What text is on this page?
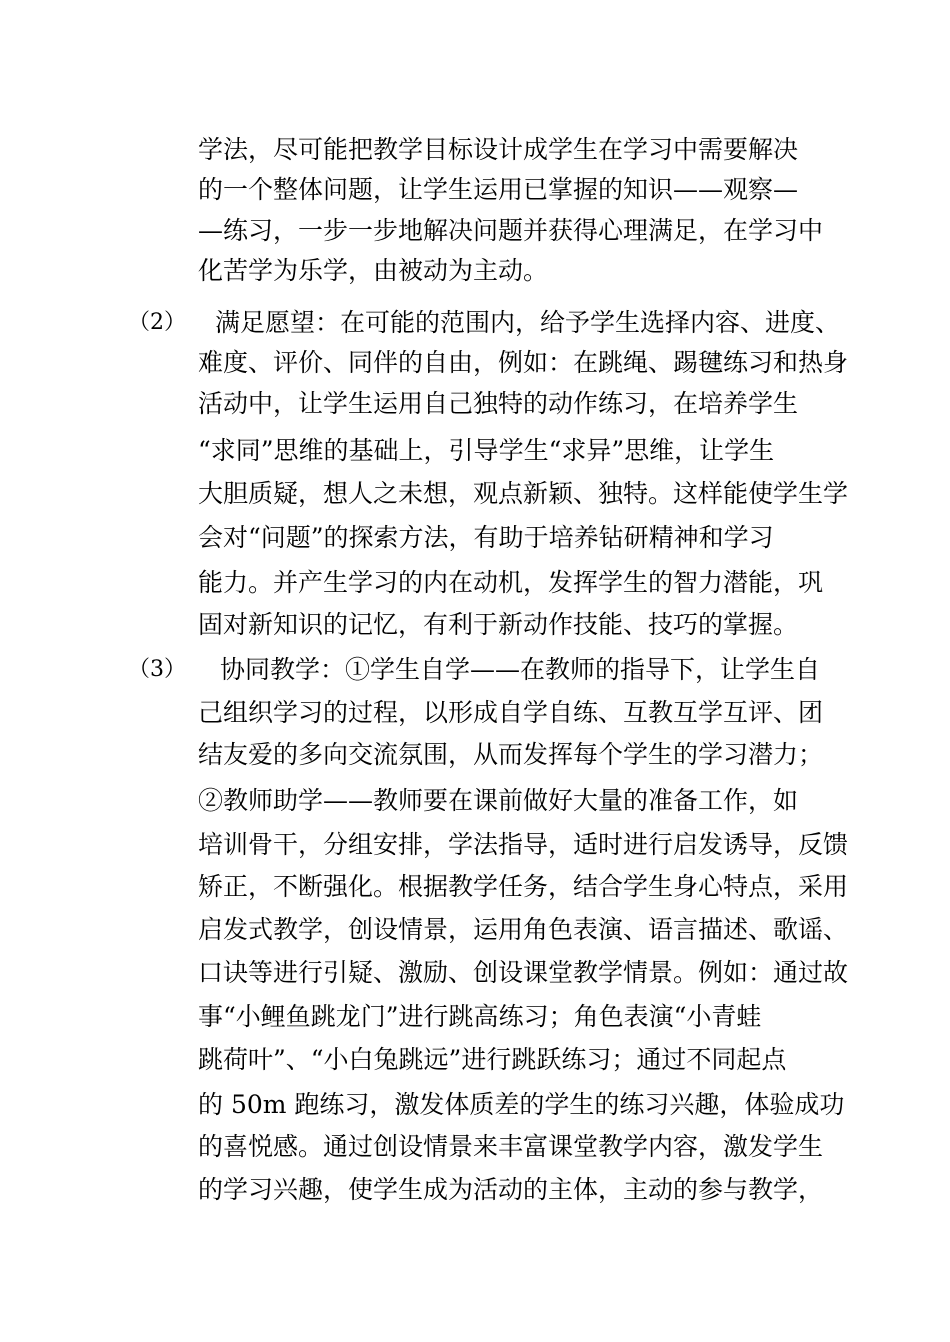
学法，尽可能把教学目标设计成学生在学习中需要解决
的一个整体问题，让学生运用已掌握的知识——观察—
—练习，一步一步地解决问题并获得心理满足，在学习中
化苦学为乐学，由被动为主动。
（2） 满足愿望：在可能的范围内，给予学生选择内容、进度、
难度、评价、同伴的自由，例如：在跳绳、踢毽练习和热身
活动中，让学生运用自己独特的动作练习，在培养学生
“求同”思维的基础上，引导学生“求异”思维，让学生
大胆质疑，想人之未想，观点新颖、独特。这样能使学生学
会对“问题”的探索方法，有助于培养钻研精神和学习
能力。并产生学习的内在动机，发挥学生的智力潜能，巩
固对新知识的记忆，有利于新动作技能、技巧的掌握。
（3） 协同教学：①学生自学——在教师的指导下，让学生自
己组织学习的过程，以形成自学自练、互教互学互评、团
结友爱的多向交流氛围，从而发挥每个学生的学习潜力；
②教师助学——教师要在课前做好大量的准备工作，如
培训骨干，分组安排，学法指导，适时进行启发诱导，反馈
矫正，不断强化。根据教学任务，结合学生身心特点，采用
启发式教学，创设情景，运用角色表演、语言描述、歌谣、
口诀等进行引疑、激励、创设课堂教学情景。例如：通过故
事“小鲤鱼跳龙门”进行跳高练习；角色表演“小青蛙
跳荷叶”、“小白兔跳远”进行跳跃练习；通过不同起点
的 50m 跑练习，激发体质差的学生的练习兴趣，体验成功
的喜悦感。通过创设情景来丰富课堂教学内容，激发学生
的学习兴趣，使学生成为活动的主体，主动的参与教学，
